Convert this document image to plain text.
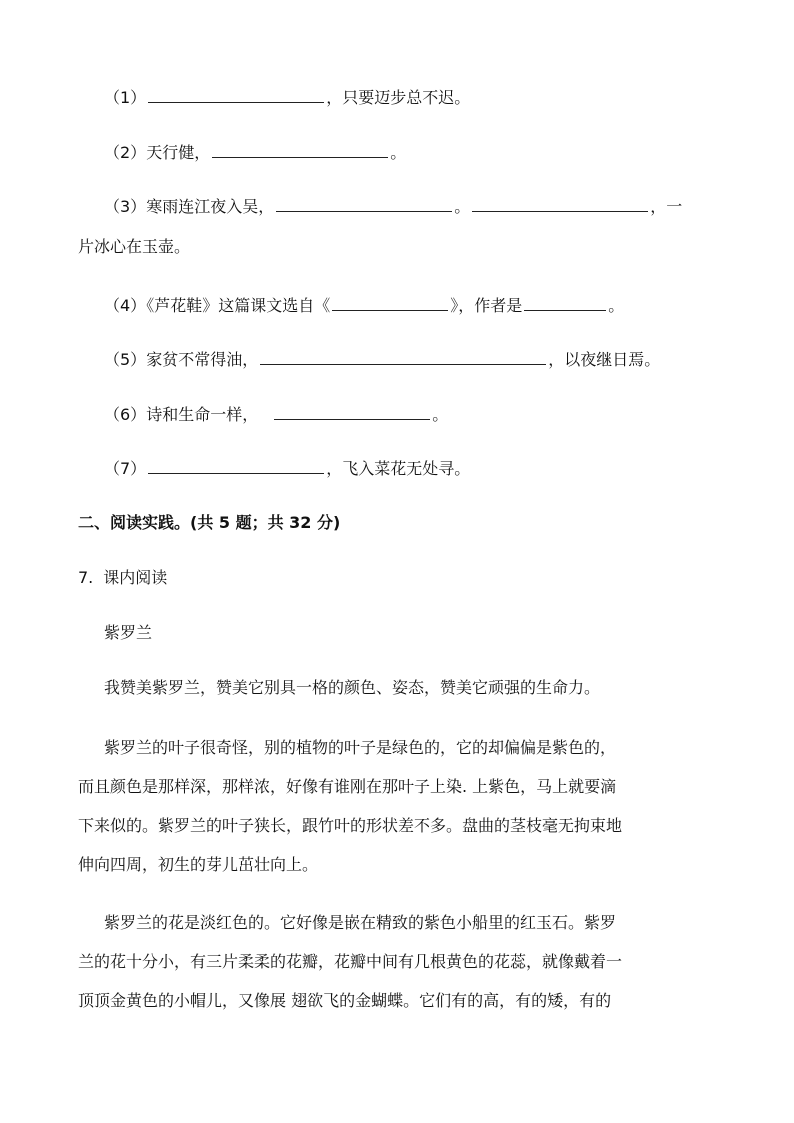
（1）	，只要迈步总不迟。
（2）天行健，	。
（3）寒雨连江夜入吴，	。	，一
片冰心在玉壶。
（4）《芦花鞋》这篇课文选自《	》，作者是	。
（5）家贫不常得油，	，以夜继日焉。
（6）诗和生命一样，	。
（7）	，飞入菜花无处寻。
二、阅读实践。(共 5 题；共 32 分)
7. 课内阅读
紫罗兰
我赞美紫罗兰，赞美它别具一格的颜色、姿态，赞美它顽强的生命力。
紫罗兰的叶子很奇怪，别的植物的叶子是绿色的，它的却偏偏是紫色的，
而且颜色是那样深，那样浓，好像有谁刚在那叶子上染. 上紫色，马上就要滴
下来似的。紫罗兰的叶子狭长，跟竹叶的形状差不多。盘曲的茎枝毫无拘束地
伸向四周，初生的芽儿茁壮向上。
紫罗兰的花是淡红色的。它好像是嵌在精致的紫色小船里的红玉石。紫罗
兰的花十分小，有三片柔柔的花瓣，花瓣中间有几根黄色的花蕊，就像戴着一
顶顶金黄色的小帽儿，又像展 翅欲飞的金蝴蝶。它们有的高，有的矮，有的
